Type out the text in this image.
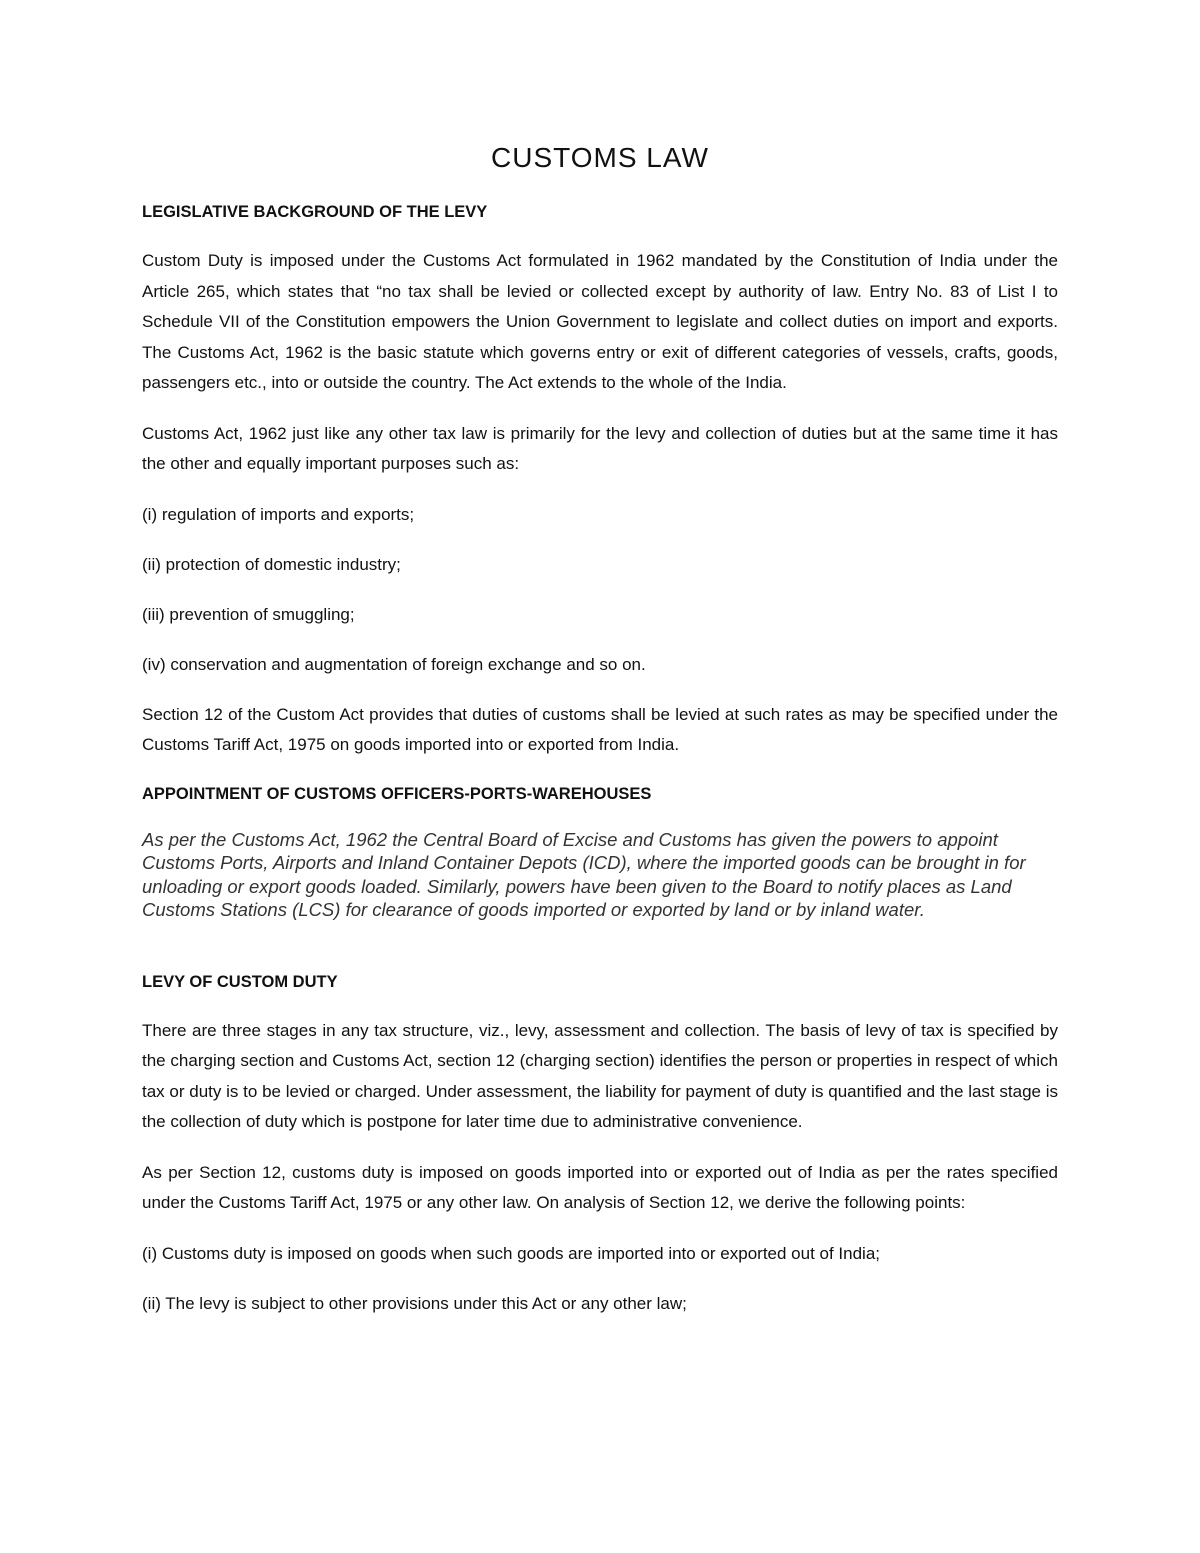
CUSTOMS LAW
LEGISLATIVE BACKGROUND OF THE LEVY

Custom Duty is imposed under the Customs Act formulated in 1962 mandated by the Constitution of India under the Article 265, which states that “no tax shall be levied or collected except by authority of law. Entry No. 83 of List I to Schedule VII of the Constitution empowers the Union Government to legislate and collect duties on import and exports. The Customs Act, 1962 is the basic statute which governs entry or exit of different categories of vessels, crafts, goods, passengers etc., into or outside the country. The Act extends to the whole of the India.

Customs Act, 1962 just like any other tax law is primarily for the levy and collection of duties but at the same time it has the other and equally important purposes such as:

(i) regulation of imports and exports;
(ii) protection of domestic industry;
(iii) prevention of smuggling;
(iv) conservation and augmentation of foreign exchange and so on.

Section 12 of the Custom Act provides that duties of customs shall be levied at such rates as may be specified under the Customs Tariff Act, 1975 on goods imported into or exported from India.

APPOINTMENT OF CUSTOMS OFFICERS-PORTS-WAREHOUSES

As per the Customs Act, 1962 the Central Board of Excise and Customs has given the powers to appoint Customs Ports, Airports and Inland Container Depots (ICD), where the imported goods can be brought in for unloading or export goods loaded. Similarly, powers have been given to the Board to notify places as Land Customs Stations (LCS) for clearance of goods imported or exported by land or by inland water.

LEVY OF CUSTOM DUTY

There are three stages in any tax structure, viz., levy, assessment and collection. The basis of levy of tax is specified by the charging section and Customs Act, section 12 (charging section) identifies the person or properties in respect of which tax or duty is to be levied or charged. Under assessment, the liability for payment of duty is quantified and the last stage is the collection of duty which is postpone for later time due to administrative convenience.

As per Section 12, customs duty is imposed on goods imported into or exported out of India as per the rates specified under the Customs Tariff Act, 1975 or any other law. On analysis of Section 12, we derive the following points:

(i) Customs duty is imposed on goods when such goods are imported into or exported out of India;
(ii) The levy is subject to other provisions under this Act or any other law;
